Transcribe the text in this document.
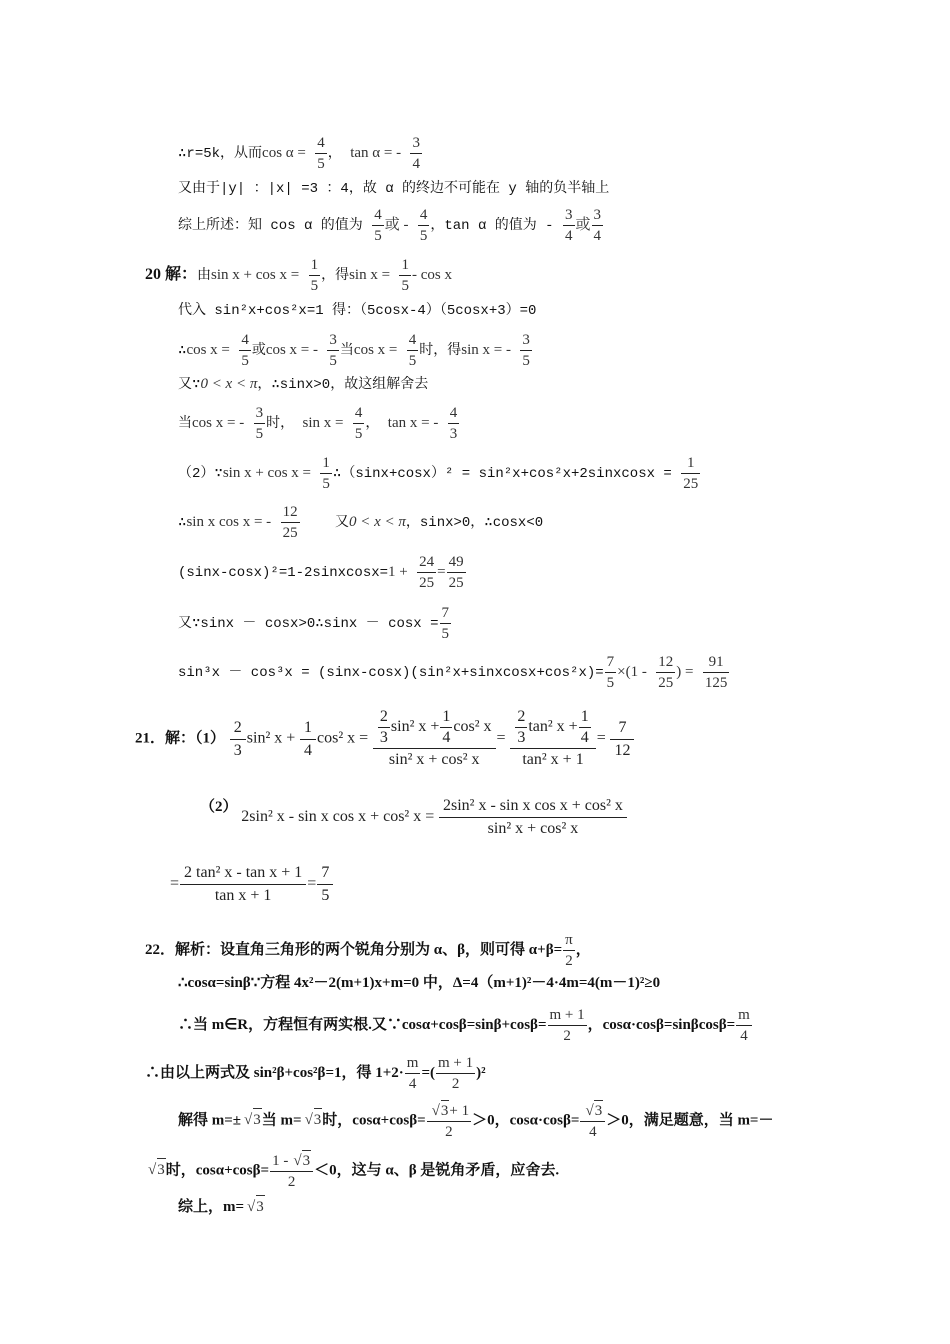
∴r=5k，从而$\cos \alpha = \frac{4}{5}$ ， tan α = - $\frac{3}{4}$
又由于|y| ：|x| =3 ：4，故 α 的终边不可能在 y 轴的负半轴上
综上所述：知 cos α 的值为 $\frac{4}{5}$ 或 - $\frac{4}{5}$ ，tan α 的值为 - $\frac{3}{4}$ 或 $\frac{3}{4}$
20 解：由$\sin x + \cos x = \frac{1}{5}$ ，得$\sin x = \frac{1}{5} - \cos x$
代入 sin²x+cos²x=1 得：（5cosx-4）（5cosx+3）=0
∴cos $x = \frac{4}{5}$ 或cos x = - $\frac{3}{5}$ 当$\cos x = \frac{4}{5}$ 时，得sin x = - $\frac{3}{5}$
又∵0 < x < π，∴sinx>0，故这组解舍去
当cos x = - $\frac{3}{5}$ 时， $\sin x = \frac{4}{5}$ ， tan x = - $\frac{4}{3}$
（2）∵sin $x + \cos x = \frac{1}{5}$ ∴（sinx+cosx）² = sin²x+cos²x+2sinxcosx = $\frac{1}{25}$
∴sin x cos x = - $\frac{12}{25}$	又0 < x < π，sinx>0，∴cosx<0
(sinx-cosx)²=1-2sinxcosx=1 + $\frac{24}{25} = \frac{49}{25}$
又∵sinx － cosx>0∴sinx － $\cos x = \frac{7}{5}$
sin³x － cos³x = (sinx-cosx)(sin²x+sinxcosx+cos²x)= $\frac{7}{5} \times(1 - \frac{12}{25}$ ) = $\frac{91}{125}$
21．解：$(1) \frac{2}{3} \sin^2$ $x + \frac{1}{4} \cos^2$ $x = \frac{\frac{2}{3} \sin^2 x + \frac{1}{4} \cos^2 x}{\text{sin² x + cos² x}} = \frac{\frac{2}{3} \tan^2 x + \frac{1}{4}}{\text{tan² x + 1}} = \frac{7}{12}$
（2） 2sin² x - sin x cos x + cos² $x = \frac{\text{2sin² x - sin x cos x + cos² x}}{\text{sin² x + cos² x}}$
= $\frac{\text{2 tan² x - tan x + 1}}{\text{tan x + 1}} = \frac{7}{5}$
22．解析：设直角三角形的两个锐角分别为 α、β，则可得 $\alpha+\beta= \frac{\pi}{2}$ ，
∴cosα=sinβ∵方程 4x²－2(m+1)x+m=0 中，Δ=4（m+1)²－4·4m=4(m－1)²≥0
∴当 m∈R，方程恒有两实根.又∵cosα+cosβ=sinβ+cosβ= $\frac{m + 1}{2}$ ，$\cos\alpha\cdot\cos\beta=\sin\beta\cos\beta= \frac{m}{4}$
∴由以上两式及 sin²β+cos²β=1，得 $1+2\cdot \frac{m}{4}$ =( $\frac{m + 1}{2} )^2$
解得 m=± √ 3当 m= √ 3时，cosα+cosβ= √ $\frac{3+ 1}{2} >0$，cosα·cosβ= √ $\frac{3}{4} >0$，满足题意，当 m=－
√ 3时，$\cos\alpha+\cos\beta= \frac{1 - √ 3}{2} <0$，这与 α、β 是锐角矛盾，应舍去.
综上，m= √ 3
